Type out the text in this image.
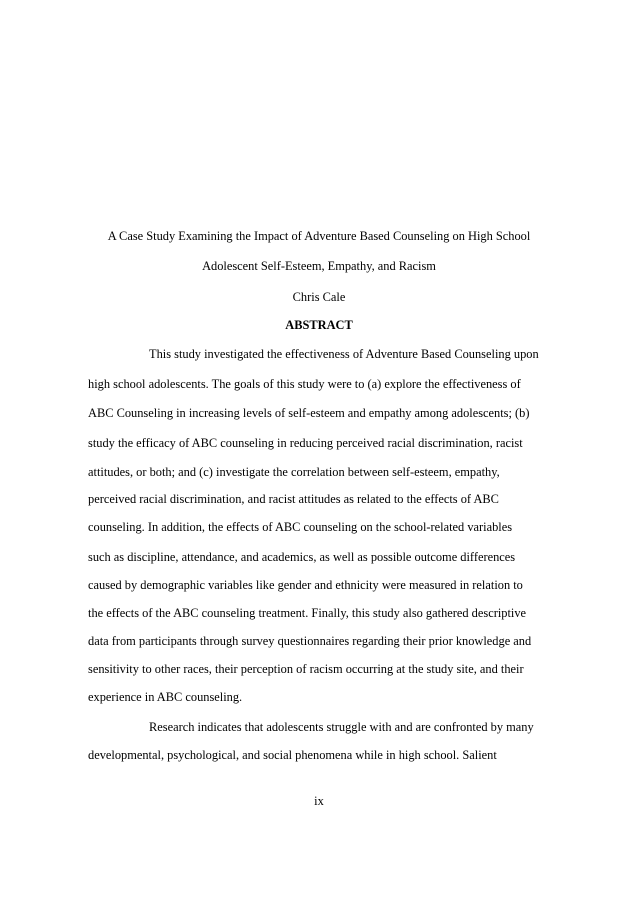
A Case Study Examining the Impact of Adventure Based Counseling on High School

Adolescent Self-Esteem, Empathy, and Racism

Chris Cale

ABSTRACT

This study investigated the effectiveness of Adventure Based Counseling upon

high school adolescents. The goals of this study were to (a) explore the effectiveness of

ABC Counseling in increasing levels of self-esteem and empathy among adolescents; (b)

study the efficacy of ABC counseling in reducing perceived racial discrimination, racist

attitudes, or both; and (c) investigate the correlation between self-esteem, empathy,

perceived racial discrimination, and racist attitudes as related to the effects of ABC

counseling. In addition, the effects of ABC counseling on the school-related variables

such as discipline, attendance, and academics, as well as possible outcome differences

caused by demographic variables like gender and ethnicity were measured in relation to

the effects of the ABC counseling treatment. Finally, this study also gathered descriptive

data from participants through survey questionnaires regarding their prior knowledge and

sensitivity to other races, their perception of racism occurring at the study site, and their

experience in ABC counseling.

Research indicates that adolescents struggle with and are confronted by many

developmental, psychological, and social phenomena while in high school. Salient

ix
